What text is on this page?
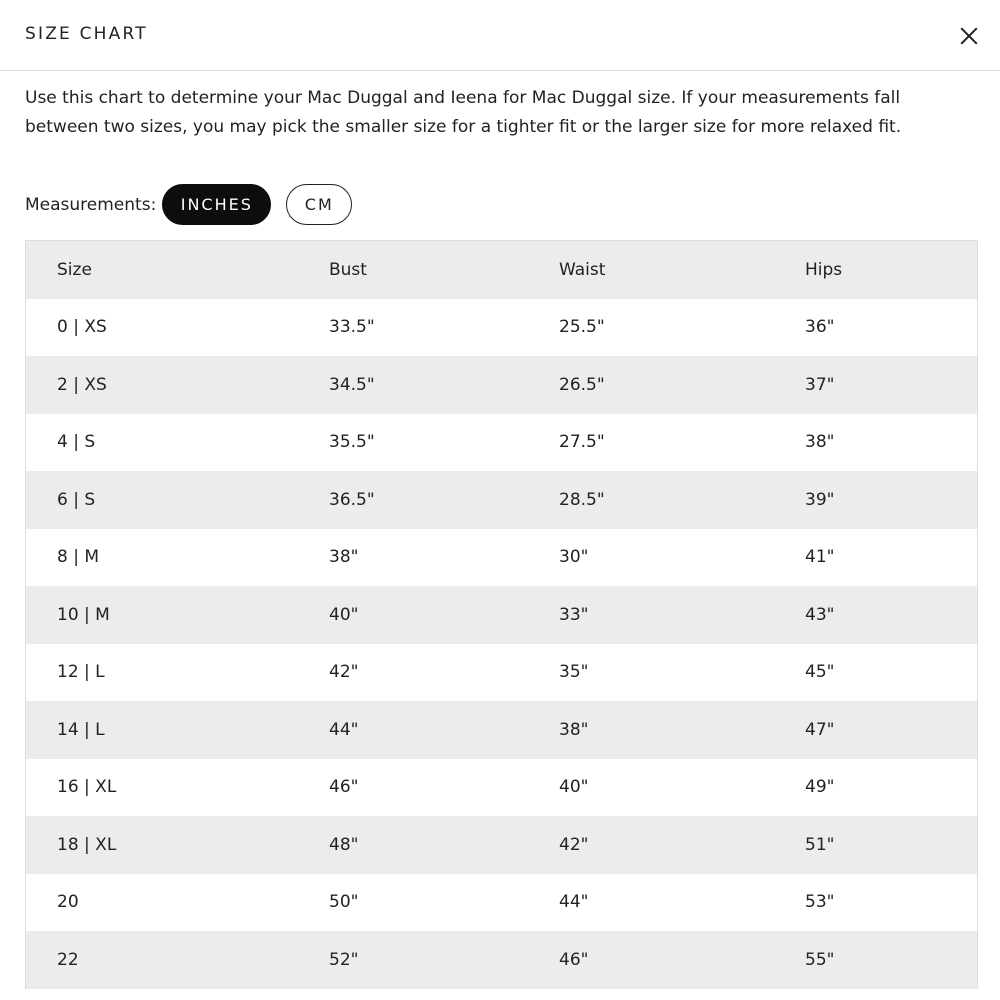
SIZE CHART
Use this chart to determine your Mac Duggal and Ieena for Mac Duggal size. If your measurements fall between two sizes, you may pick the smaller size for a tighter fit or the larger size for more relaxed fit.
Measurements:	INCHES	CM
Size	Bust	Waist	Hips
0 | XS	33.5"	25.5"	36"
2 | XS	34.5"	26.5"	37"
4 | S	35.5"	27.5"	38"
6 | S	36.5"	28.5"	39"
8 | M	38"	30"	41"
10 | M	40"	33"	43"
12 | L	42"	35"	45"
14 | L	44"	38"	47"
16 | XL	46"	40"	49"
18 | XL	48"	42"	51"
20	50"	44"	53"
22	52"	46"	55"
